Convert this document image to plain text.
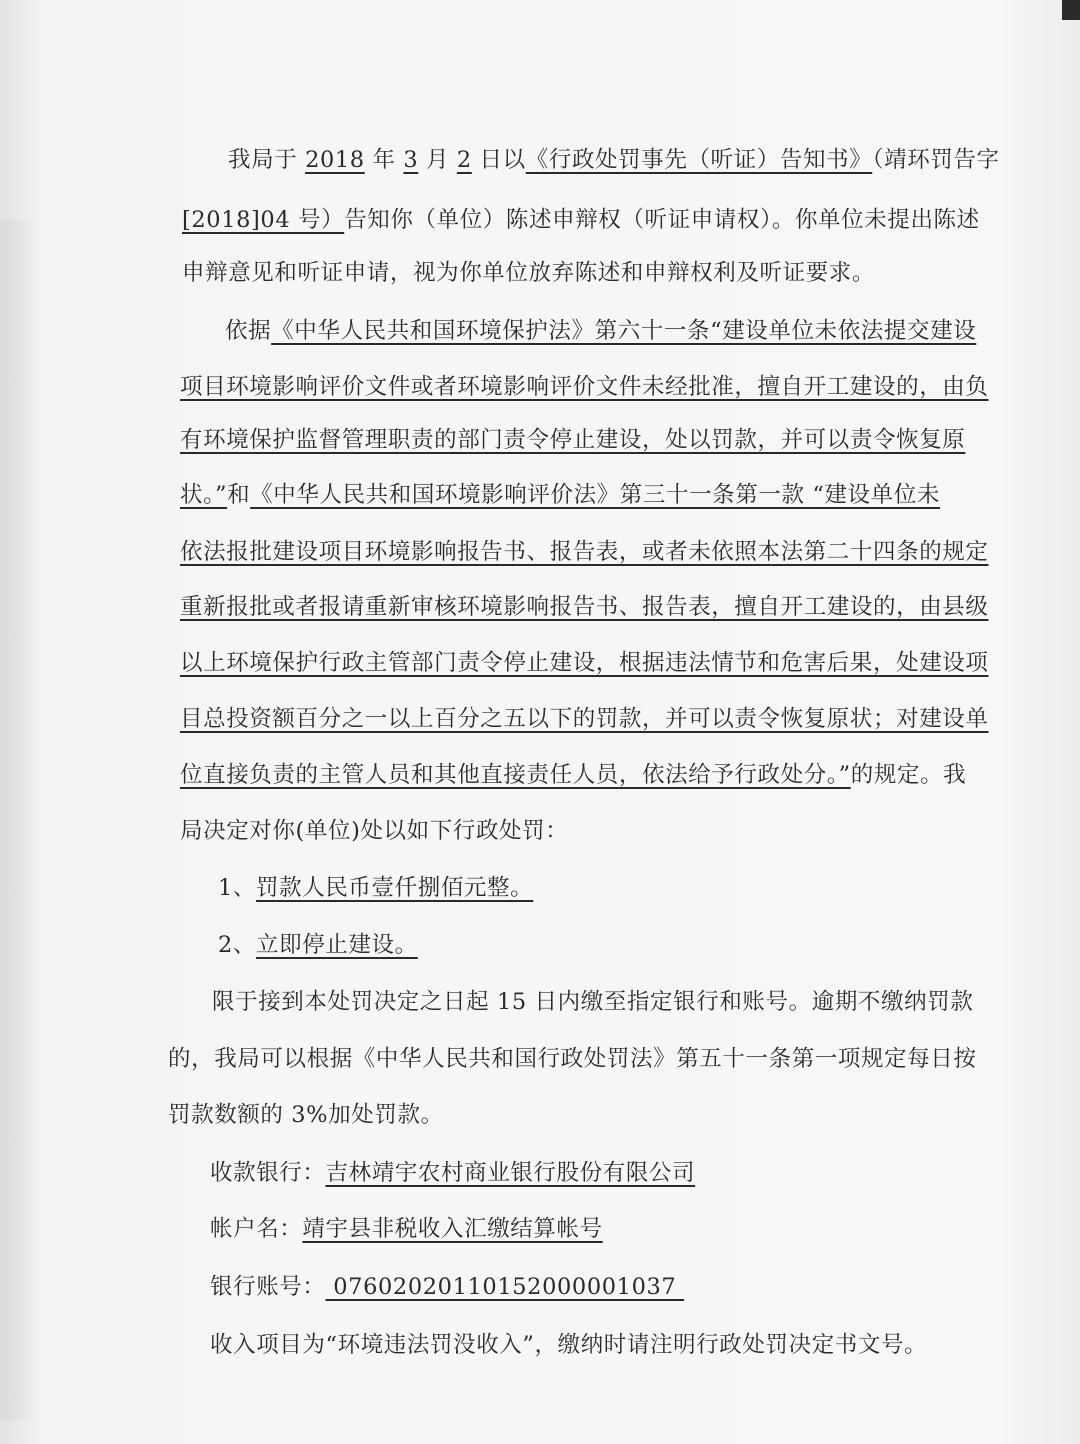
我局于 2018 年 3 月 2 日以《行政处罚事先（听证）告知书》（靖环罚告字
[2018]04 号）告知你（单位）陈述申辩权（听证申请权）。你单位未提出陈述
申辩意见和听证申请，视为你单位放弃陈述和申辩权利及听证要求。
依据《中华人民共和国环境保护法》第六十一条“建设单位未依法提交建设
项目环境影响评价文件或者环境影响评价文件未经批准，擅自开工建设的，由负
有环境保护监督管理职责的部门责令停止建设，处以罚款，并可以责令恢复原
状。”和《中华人民共和国环境影响评价法》第三十一条第一款 “建设单位未
依法报批建设项目环境影响报告书、报告表，或者未依照本法第二十四条的规定
重新报批或者报请重新审核环境影响报告书、报告表，擅自开工建设的，由县级
以上环境保护行政主管部门责令停止建设，根据违法情节和危害后果，处建设项
目总投资额百分之一以上百分之五以下的罚款，并可以责令恢复原状；对建设单
位直接负责的主管人员和其他直接责任人员，依法给予行政处分。”的规定。我
局决定对你(单位)处以如下行政处罚：
1、罚款人民币壹仟捌佰元整。
2、立即停止建设。
限于接到本处罚决定之日起 15 日内缴至指定银行和账号。逾期不缴纳罚款
的，我局可以根据《中华人民共和国行政处罚法》第五十一条第一项规定每日按
罚款数额的 3%加处罚款。
收款银行：吉林靖宇农村商业银行股份有限公司
帐户名：靖宇县非税收入汇缴结算帐号
银行账号： 07602020110152000001037
收入项目为“环境违法罚没收入”，缴纳时请注明行政处罚决定书文号。
